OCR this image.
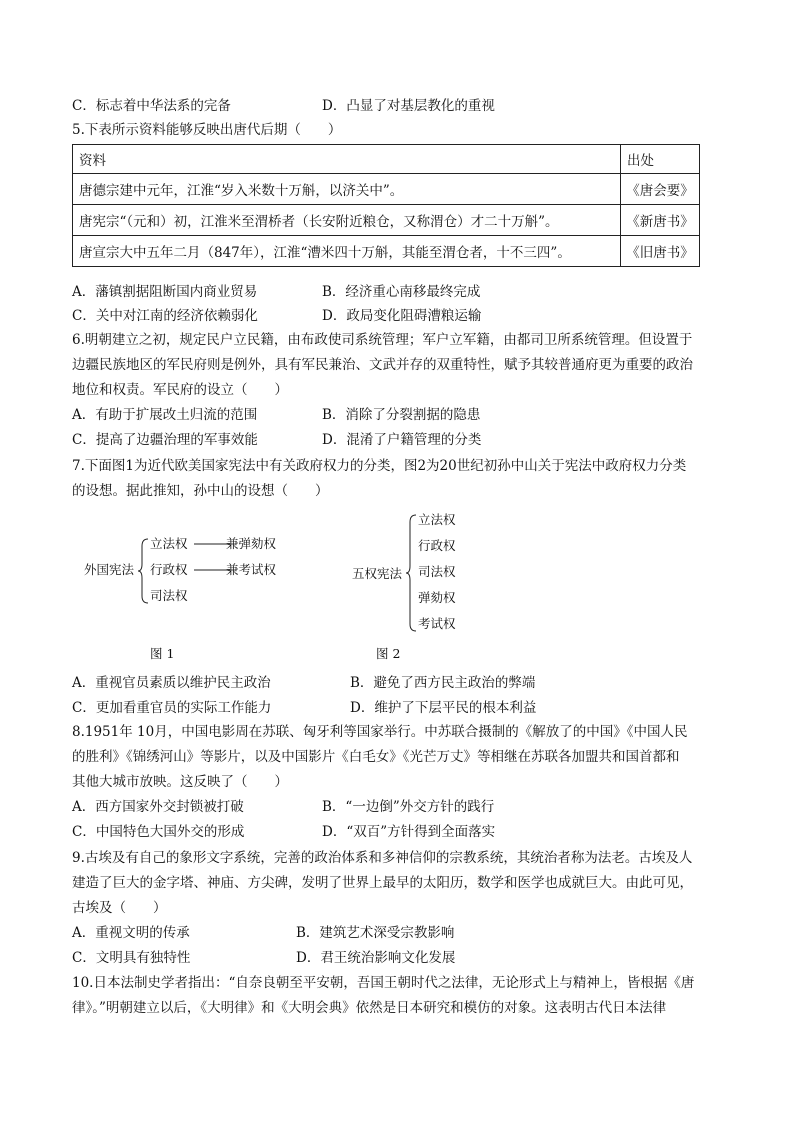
C．标志着中华法系的完备	D．凸显了对基层教化的重视
5.下表所示资料能够反映出唐代后期（　　）
资料	出处
唐德宗建中元年，江淮“岁入米数十万斛，以济关中”。	《唐会要》
唐宪宗“（元和）初，江淮米至渭桥者（长安附近粮仓，又称渭仓）才二十万斛”。	《新唐书》
唐宣宗大中五年二月（847年），江淮“漕米四十万斛，其能至渭仓者，十不三四”。	《旧唐书》
A．藩镇割据阻断国内商业贸易	B．经济重心南移最终完成
C．关中对江南的经济依赖弱化	D．政局变化阻碍漕粮运输
6.明朝建立之初，规定民户立民籍，由布政使司系统管理；军户立军籍，由都司卫所系统管理。但设置于
边疆民族地区的军民府则是例外，具有军民兼治、文武并存的双重特性，赋予其较普通府更为重要的政治
地位和权责。军民府的设立（　　）
A．有助于扩展改土归流的范围	B．消除了分裂割据的隐患
C．提高了边疆治理的军事效能	D．混淆了户籍管理的分类
7.下面图1为近代欧美国家宪法中有关政府权力的分类，图2为20世纪初孙中山关于宪法中政府权力分类
的设想。据此推知，孙中山的设想（　　）
外国宪法
立法权	兼弹劾权
行政权	兼考试权
司法权
图 1
五权宪法
立法权
行政权
司法权
弹劾权
考试权
图 2
A．重视官员素质以维护民主政治	B．避免了西方民主政治的弊端
C．更加看重官员的实际工作能力	D．维护了下层平民的根本利益
8.1951年 10月，中国电影周在苏联、匈牙利等国家举行。中苏联合摄制的《解放了的中国》《中国人民
的胜利》《锦绣河山》等影片，以及中国影片《白毛女》《光芒万丈》等相继在苏联各加盟共和国首都和
其他大城市放映。这反映了（　　）
A．西方国家外交封锁被打破	B．“一边倒”外交方针的践行
C．中国特色大国外交的形成	D．“双百”方针得到全面落实
9.古埃及有自己的象形文字系统，完善的政治体系和多神信仰的宗教系统，其统治者称为法老。古埃及人
建造了巨大的金字塔、神庙、方尖碑，发明了世界上最早的太阳历，数学和医学也成就巨大。由此可见，
古埃及（　　）
A．重视文明的传承	B．建筑艺术深受宗教影响
C．文明具有独特性	D．君王统治影响文化发展
10.日本法制史学者指出：“自奈良朝至平安朝，吾国王朝时代之法律，无论形式上与精神上，皆根据《唐
律》。”明朝建立以后，《大明律》和《大明会典》依然是日本研究和模仿的对象。这表明古代日本法律
